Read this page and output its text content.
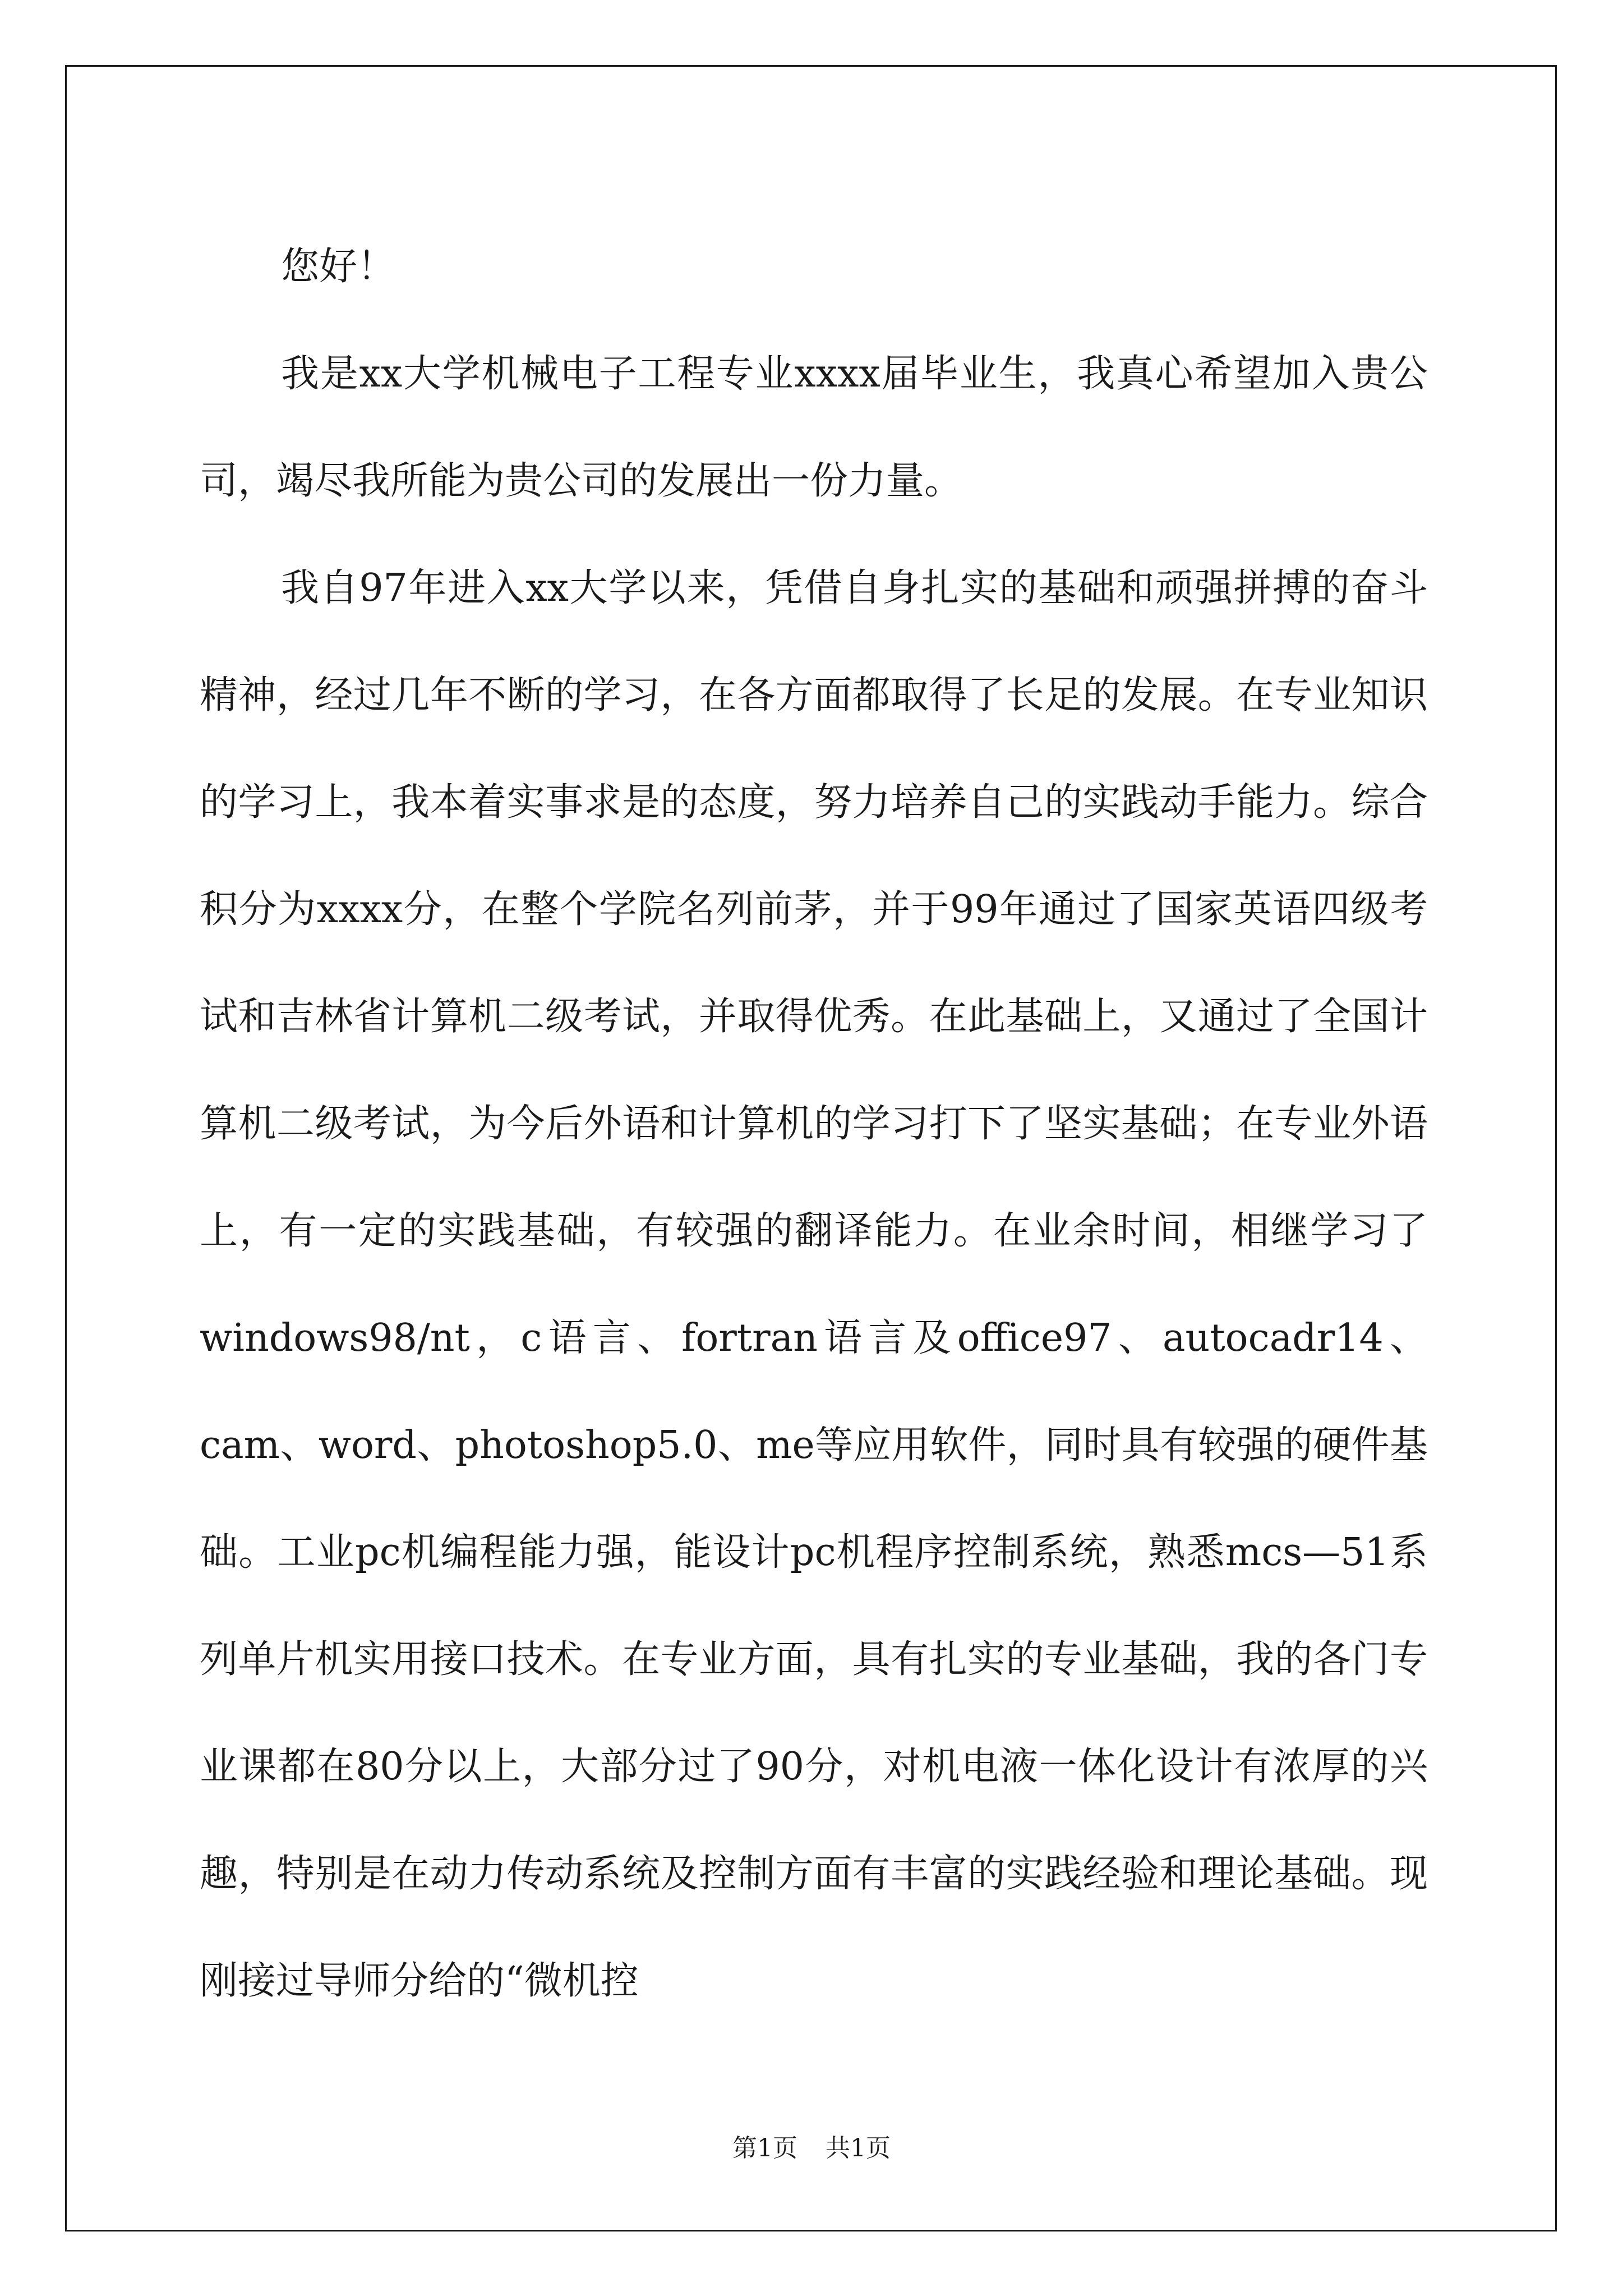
您好！

我是xx大学机械电子工程专业xxxx届毕业生，我真心希望加入贵公司，竭尽我所能为贵公司的发展出一份力量。

我自97年进入xx大学以来，凭借自身扎实的基础和顽强拼搏的奋斗精神，经过几年不断的学习，在各方面都取得了长足的发展。在专业知识的学习上，我本着实事求是的态度，努力培养自己的实践动手能力。综合积分为xxxx分，在整个学院名列前茅，并于99年通过了国家英语四级考试和吉林省计算机二级考试，并取得优秀。在此基础上，又通过了全国计算机二级考试，为今后外语和计算机的学习打下了坚实基础；在专业外语上，有一定的实践基础，有较强的翻译能力。在业余时间，相继学习了windows98/nt，c语言、fortran语言及office97、autocadr14、cam、word、photoshop5.0、me等应用软件，同时具有较强的硬件基础。工业pc机编程能力强，能设计pc机程序控制系统，熟悉mcs—51系列单片机实用接口技术。在专业方面，具有扎实的专业基础，我的各门专业课都在80分以上，大部分过了90分，对机电液一体化设计有浓厚的兴趣，特别是在动力传动系统及控制方面有丰富的实践经验和理论基础。现刚接过导师分给的“微机控

第1页 共1页
